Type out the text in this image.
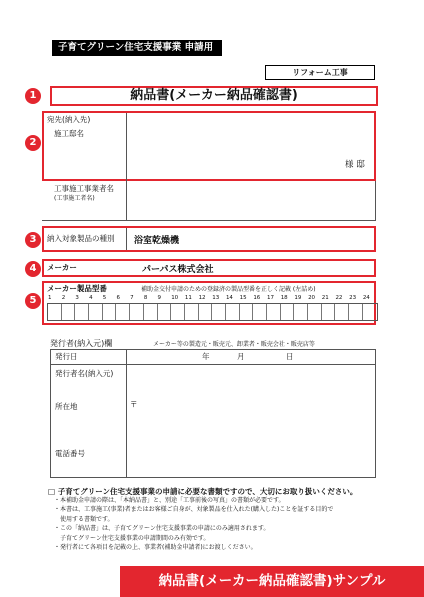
子育てグリーン住宅支援事業 申請用
リフォーム工事
1	納品書(メーカー納品確認書)
2
宛先(納入先)
施工邸名
様 邸
工事施工事業者名
(工事施工者名)
3	納入対象製品の種別 浴室乾燥機
4	メーカー	パーパス株式会社
5
メーカー製品型番	補助金交付申請のための登録済の製品型番を正しく記載 (左詰め)
1	2	3	4	5	6	7	8	9	10	11	12	13	14	15	16	17	18	19	20	21	22	23	24
発行者(納入元)欄	メーカー等の製造元・販売元、卸業者・販売会社・販売店等
発行日	年	月	日
発行者名(納入元)
所在地	〒
電話番号
□ 子育てグリーン住宅支援事業の申請に必要な書類ですので、大切にお取り扱いください。
・本補助金申請の際は、「本納品書」と、別途「工事前後の写真」の書類が必要です。
・本書は、工事施工(事業)者またはお客様ご自身が、対象製品を仕入れた(購入した)ことを証する目的で
　使用する書類です。
・この「納品書」は、子育てグリーン住宅支援事業の申請にのみ適用されます。
　子育てグリーン住宅支援事業の申請期間のみ有効です。
・発行者にて各項目を記載の上、事業者(補助金申請者)にお渡しください。
納品書(メーカー納品確認書)サンプル
